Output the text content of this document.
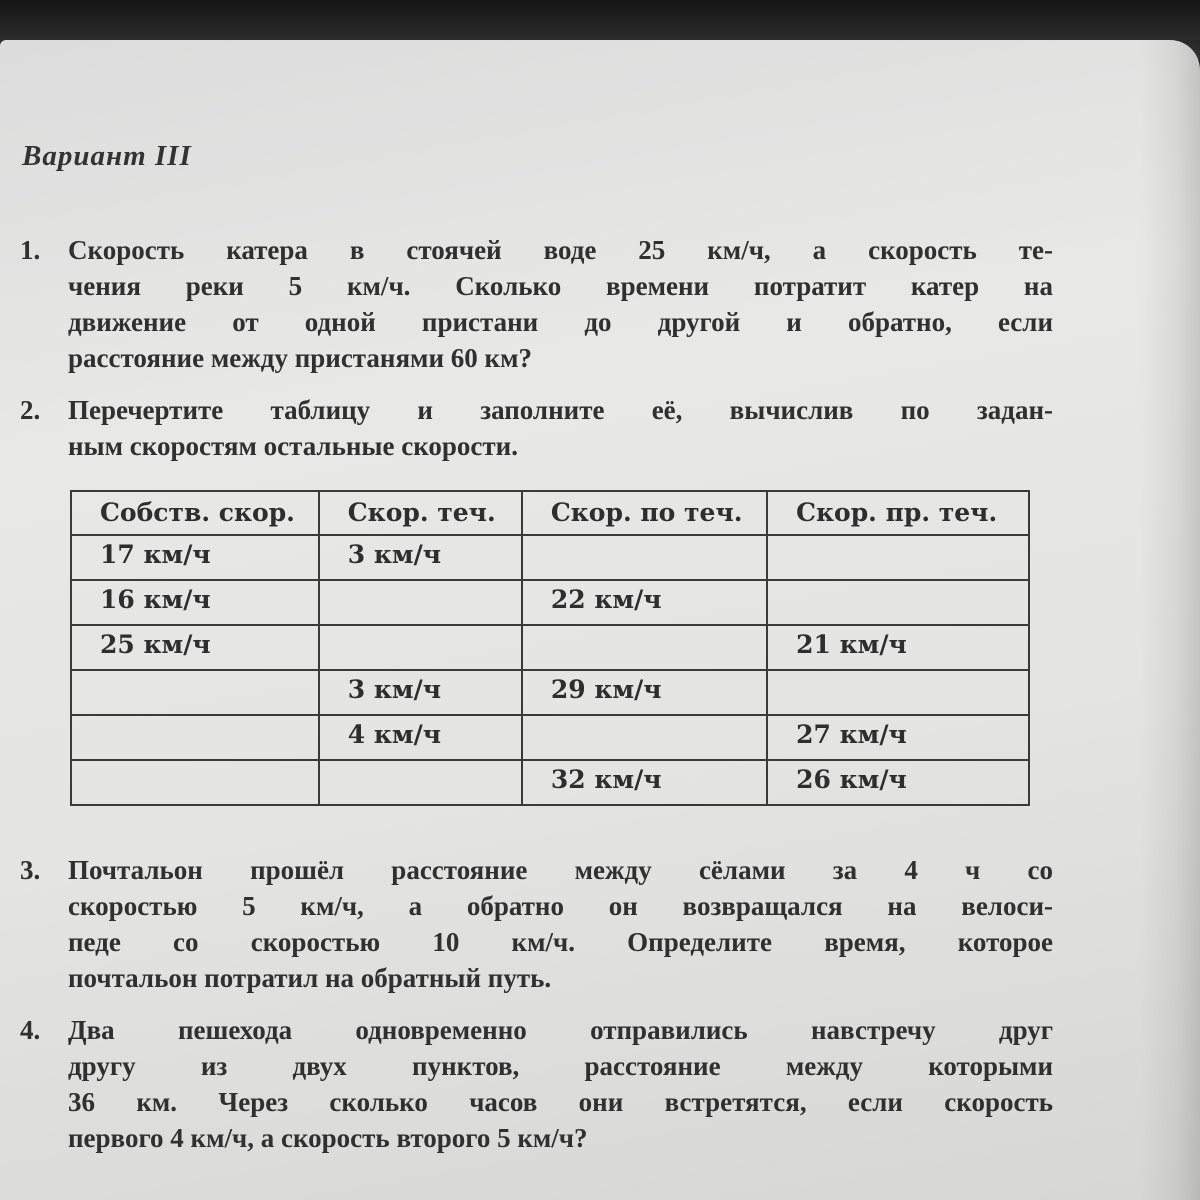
Вариант III
1.	Скорость катера в стоячей воде 25 км/ч, а скорость те-
чения реки 5 км/ч. Сколько времени потратит катер на
движение от одной пристани до другой и обратно, если
расстояние между пристанями 60 км?
2.	Перечертите таблицу и заполните её, вычислив по задан-
ным скоростям остальные скорости.
Собств. скор.	Скор. теч.	Скор. по теч.	Скор. пр. теч.
17 км/ч	3 км/ч		
16 км/ч		22 км/ч	
25 км/ч			21 км/ч
	3 км/ч	29 км/ч	
	4 км/ч		27 км/ч
		32 км/ч	26 км/ч
3.	Почтальон прошёл расстояние между сёлами за 4 ч со
скоростью 5 км/ч, а обратно он возвращался на велоси-
педе со скоростью 10 км/ч. Определите время, которое
почтальон потратил на обратный путь.
4.	Два пешехода одновременно отправились навстречу друг
другу из двух пунктов, расстояние между которыми
36 км. Через сколько часов они встретятся, если скорость
первого 4 км/ч, а скорость второго 5 км/ч?
